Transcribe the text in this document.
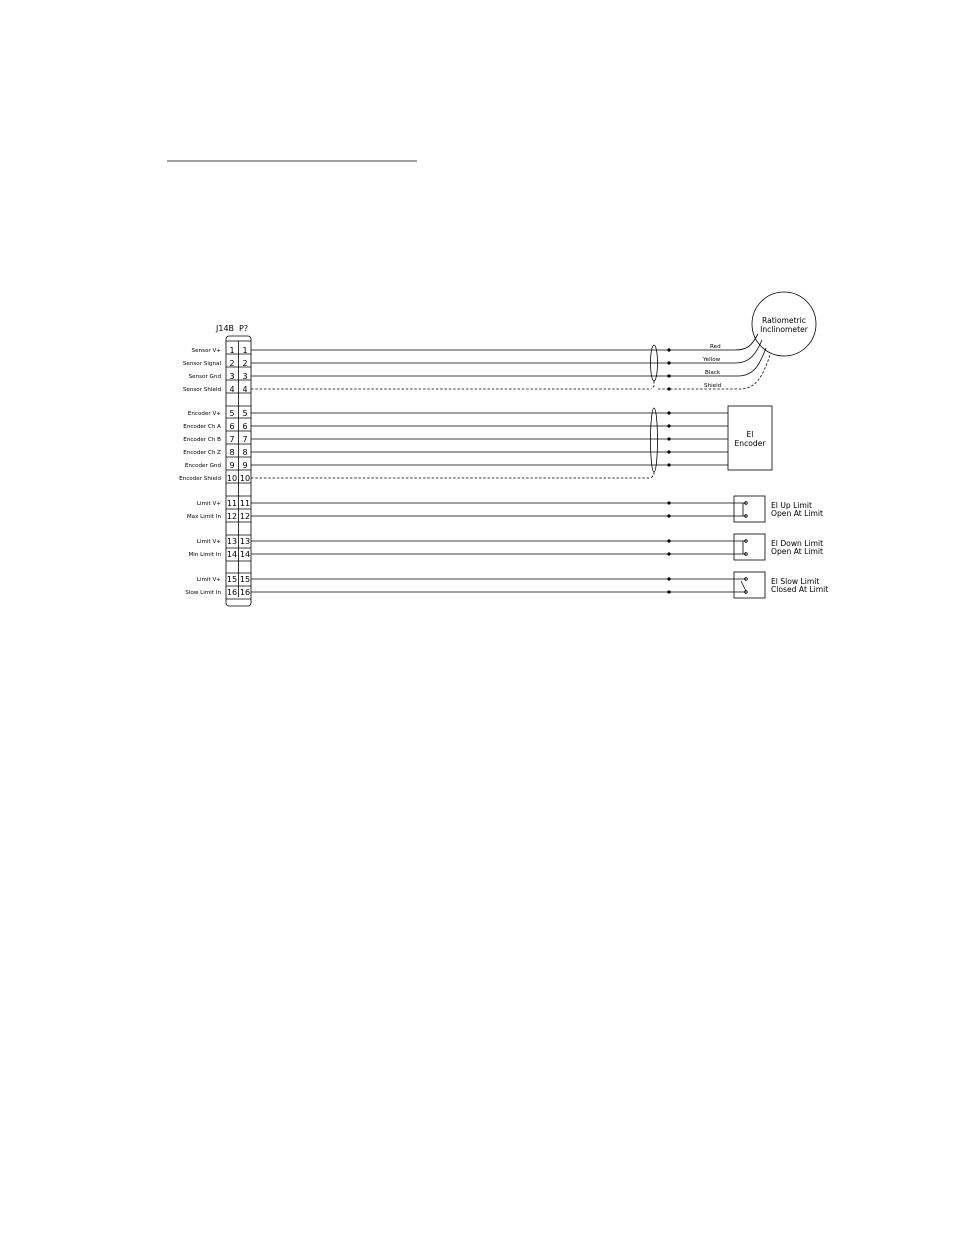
J14B P?
Sensor V+ 1 1
Sensor Signal 2 2
Sensor Gnd 3 3
Sensor Shield 4 4
Encoder V+ 5 5
Encoder Ch A 6 6
Encoder Ch B 7 7
Encoder Ch Z 8 8
Encoder Gnd 9 9
Encoder Shield 10 10
Limit V+ 11 11
Max Limit In 12 12
Limit V+ 13 13
Min Limit In 14 14
Limit V+ 15 15
Slow Limit In 16 16
Red
Yellow
Black
Shield
Ratiometric
Inclinometer
El
Encoder
El Up Limit
Open At Limit
El Down Limit
Open At Limit
El Slow Limit
Closed At Limit
